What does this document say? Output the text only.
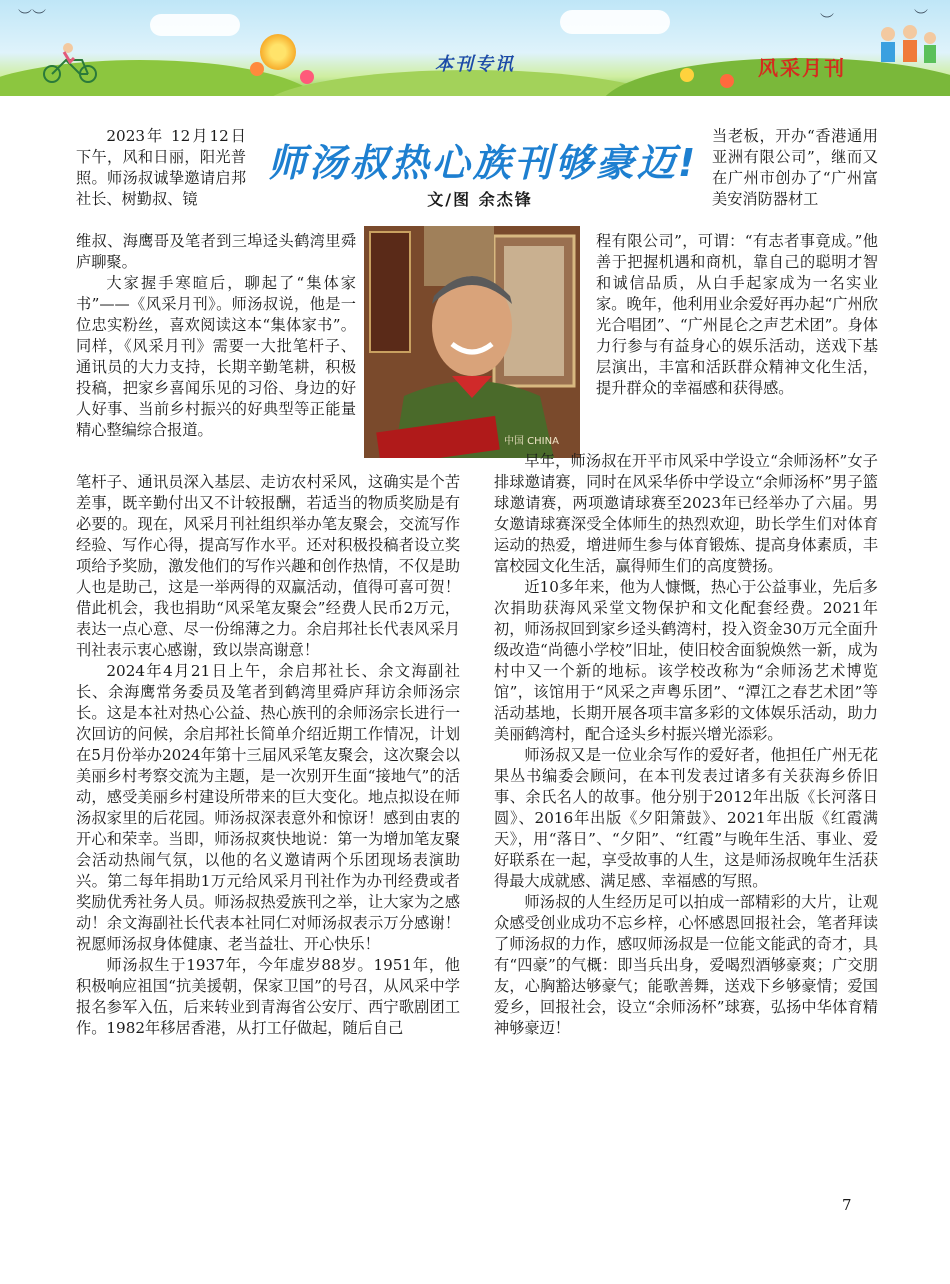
︶︶	︶	︶
本刊专讯	风采月刊
师汤叔热心族刊够豪迈!
文/图 余杰锋

2023年 12月12日下午，风和日丽，阳光普照。师汤叔诚挚邀请启邦社长、树勤叔、镜

维叔、海鹰哥及笔者到三埠迳头鹤湾里舜庐聊聚。

大家握手寒暄后，聊起了“集体家书”——《风采月刊》。师汤叔说，他是一位忠实粉丝，喜欢阅读这本“集体家书”。同样，《风采月刊》需要一大批笔杆子、通讯员的大力支持，长期辛勤笔耕，积极投稿，把家乡喜闻乐见的习俗、身边的好人好事、当前乡村振兴的好典型等正能量精心整编综合报道。

笔杆子、通讯员深入基层、走访农村采风，这确实是个苦差事，既辛勤付出又不计较报酬，若适当的物质奖励是有必要的。现在，风采月刊社组织举办笔友聚会，交流写作经验、写作心得，提高写作水平。还对积极投稿者设立奖项给予奖励，激发他们的写作兴趣和创作热情，不仅是助人也是助己，这是一举两得的双赢活动，值得可喜可贺！借此机会，我也捐助“风采笔友聚会”经费人民币2万元，表达一点心意、尽一份绵薄之力。余启邦社长代表风采月刊社表示衷心感谢，致以崇高谢意！

2024年4月21日上午，余启邦社长、余文海副社长、余海鹰常务委员及笔者到鹤湾里舜庐拜访余师汤宗长。这是本社对热心公益、热心族刊的余师汤宗长进行一次回访的问候，余启邦社长简单介绍近期工作情况，计划在5月份举办2024年第十三届风采笔友聚会，这次聚会以美丽乡村考察交流为主题，是一次别开生面“接地气”的活动，感受美丽乡村建设所带来的巨大变化。地点拟设在师汤叔家里的后花园。师汤叔深表意外和惊讶！感到由衷的开心和荣幸。当即，师汤叔爽快地说：第一为增加笔友聚会活动热闹气氛，以他的名义邀请两个乐团现场表演助兴。第二每年捐助1万元给风采月刊社作为办刊经费或者奖励优秀社务人员。师汤叔热爱族刊之举，让大家为之感动！余文海副社长代表本社同仁对师汤叔表示万分感谢！祝愿师汤叔身体健康、老当益壮、开心快乐！

师汤叔生于1937年，今年虚岁88岁。1951年，他积极响应祖国“抗美援朝，保家卫国”的号召，从风采中学报名参军入伍，后来转业到青海省公安厅、西宁歌剧团工作。1982年移居香港，从打工仔做起，随后自己

中国 CHINA

当老板，开办“香港通用亚洲有限公司”，继而又在广州市创办了“广州富美安消防器材工

程有限公司”，可谓：“有志者事竟成。”他善于把握机遇和商机，靠自己的聪明才智和诚信品质，从白手起家成为一名实业家。晚年，他利用业余爱好再办起“广州欣光合唱团”、“广州昆仑之声艺术团”。身体力行参与有益身心的娱乐活动，送戏下基层演出，丰富和活跃群众精神文化生活，提升群众的幸福感和获得感。

早年，师汤叔在开平市风采中学设立“余师汤杯”女子排球邀请赛，同时在风采华侨中学设立“余师汤杯”男子篮球邀请赛，两项邀请球赛至2023年已经举办了六届。男女邀请球赛深受全体师生的热烈欢迎，助长学生们对体育运动的热爱，增进师生参与体育锻炼、提高身体素质，丰富校园文化生活，赢得师生们的高度赞扬。

近10多年来，他为人慷慨，热心于公益事业，先后多次捐助获海风采堂文物保护和文化配套经费。2021年初，师汤叔回到家乡迳头鹤湾村，投入资金30万元全面升级改造“尚德小学校”旧址，使旧校舍面貌焕然一新，成为村中又一个新的地标。该学校改称为“余师汤艺术博览馆”，该馆用于“风采之声粤乐团”、“潭江之春艺术团”等活动基地，长期开展各项丰富多彩的文体娱乐活动，助力美丽鹤湾村，配合迳头乡村振兴增光添彩。

师汤叔又是一位业余写作的爱好者，他担任广州无花果丛书编委会顾问，在本刊发表过诸多有关获海乡侨旧事、余氏名人的故事。他分别于2012年出版《长河落日圆》、2016年出版《夕阳箫鼓》、2021年出版《红霞满天》，用“落日”、“夕阳”、“红霞”与晚年生活、事业、爱好联系在一起，享受故事的人生，这是师汤叔晚年生活获得最大成就感、满足感、幸福感的写照。

师汤叔的人生经历足可以拍成一部精彩的大片，让观众感受创业成功不忘乡梓，心怀感恩回报社会，笔者拜读了师汤叔的力作，感叹师汤叔是一位能文能武的奇才，具有“四豪”的气概：即当兵出身，爱喝烈酒够豪爽；广交朋友，心胸豁达够豪气；能歌善舞，送戏下乡够豪情；爱国爱乡，回报社会，设立“余师汤杯”球赛，弘扬中华体育精神够豪迈！

7
